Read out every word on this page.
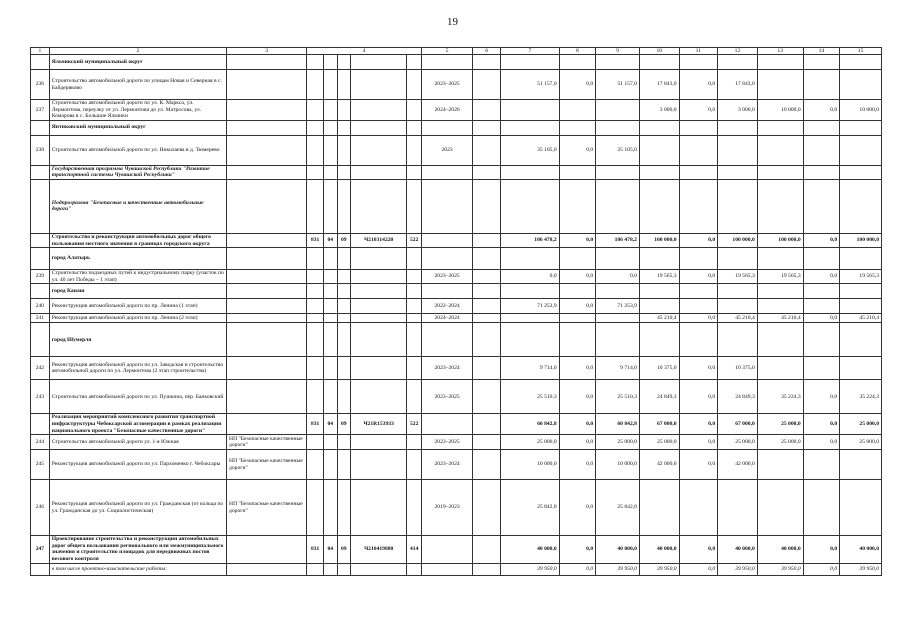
19
1	2	3	4					5	6	7	8	9	10	11	12	13	14	15
	Яльчикский муниципальный округ																	
236	Строительство автомобильной дороги по улицам Новая и Северная в с. Байдеряково							2023–2025		51 157,0	0,0	51 157,0	17 843,0	0,0	17 843,0			
237	Строительство автомобильной дороги по ул. К. Маркса, ул. Лермонтова, переулку от ул. Лермонтова до ул. Матросова, ул. Комарова в с. Большие Яльчики							2024–2026					3 000,0	0,0	3 000,0	10 000,0	0,0	10 000,0
	Янтиковский муниципальный округ																	
238	Строительство автомобильной дороги по ул. Николаева в д. Тюмерево							2023		35 105,0	0,0	35 105,0						
	Государственная программа Чувашской Республики "Развитие транспортной системы Чувашской Республики"																	
	Подпрограмма "Безопасные и качественные автомобильные дороги"																	
	Строительство и реконструкция автомобильных дорог общего пользования местного значения в границах городского округа		831	04	09	Ч210314220	522			106 478,2	0,0	106 478,2	100 000,0	0,0	100 000,0	100 000,0	0,0	100 000,0
	город Алатырь																	
239	Строительство подъездных путей к индустриальному парку (участок по ул. 40 лет Победы – 1 этап)							2023–2025		0,0	0,0	0,0	19 565,3	0,0	19 565,3	19 565,3	0,0	19 565,3
	город Канаш																	
240	Реконструкция автомобильной дороги по пр. Ленина (1 этап)							2022–2024		71 253,9	0,0	71 253,9						
241	Реконструкция автомобильной дороги по пр. Ленина (2 этап)							2024–2024					45 210,4	0,0	45 210,4	45 210,4	0,0	45 210,4
	город Шумерля																	
242	Реконструкция автомобильной дороги по ул. Заводская и строительство автомобильной дороги по ул. Лермонтова (2 этап строительства)							2023–2024		9 714,0	0,0	9 714,0	10 375,0	0,0	10 375,0			
243	Строительство автомобильной дороги по ул. Пушкина, пер. Банковский							2023–2025		25 510,3	0,0	25 510,3	24 849,3	0,0	24 849,3	35 224,3	0,0	35 224,3
	Реализация мероприятий комплексного развития транспортной инфраструктуры Чебоксарской агломерации в рамках реализации национального проекта "Безопасные качественные дороги"		831	04	09	Ч21R153933	522			60 842,8	0,0	60 842,8	67 000,0	0,0	67 000,0	25 000,0	0,0	25 000,0
244	Строительство автомобильной дороги ул. 1-я Южная	НП "Безопасные качественные дороги"						2023–2025		25 000,0	0,0	25 000,0	25 000,0	0,0	25 000,0	25 000,0	0,0	25 000,0
245	Реконструкция автомобильной дороги по ул. Пархоменко г. Чебоксары	НП "Безопасные качественные дороги"						2023–2024		10 000,0	0,0	10 000,0	42 000,0	0,0	42 000,0			
246	Реконструкция автомобильной дороги по ул. Гражданская (от кольца по ул. Гражданская до ул. Социалистическая)	НП "Безопасные качественные дороги"						2019–2023		25 842,8	0,0	25 842,8						
247	Проектирование строительства и реконструкции автомобильных дорог общего пользования регионального или межмуниципального значения и строительство площадок для передвижных постов весового контроля		831	04	09	Ч210419880	414			40 000,0	0,0	40 000,0	40 000,0	0,0	40 000,0	40 000,0	0,0	40 000,0
	в том числе проектно-изыскательские работы:									39 950,0	0,0	39 950,0	39 950,0	0,0	39 950,0	39 950,0	0,0	39 950,0
